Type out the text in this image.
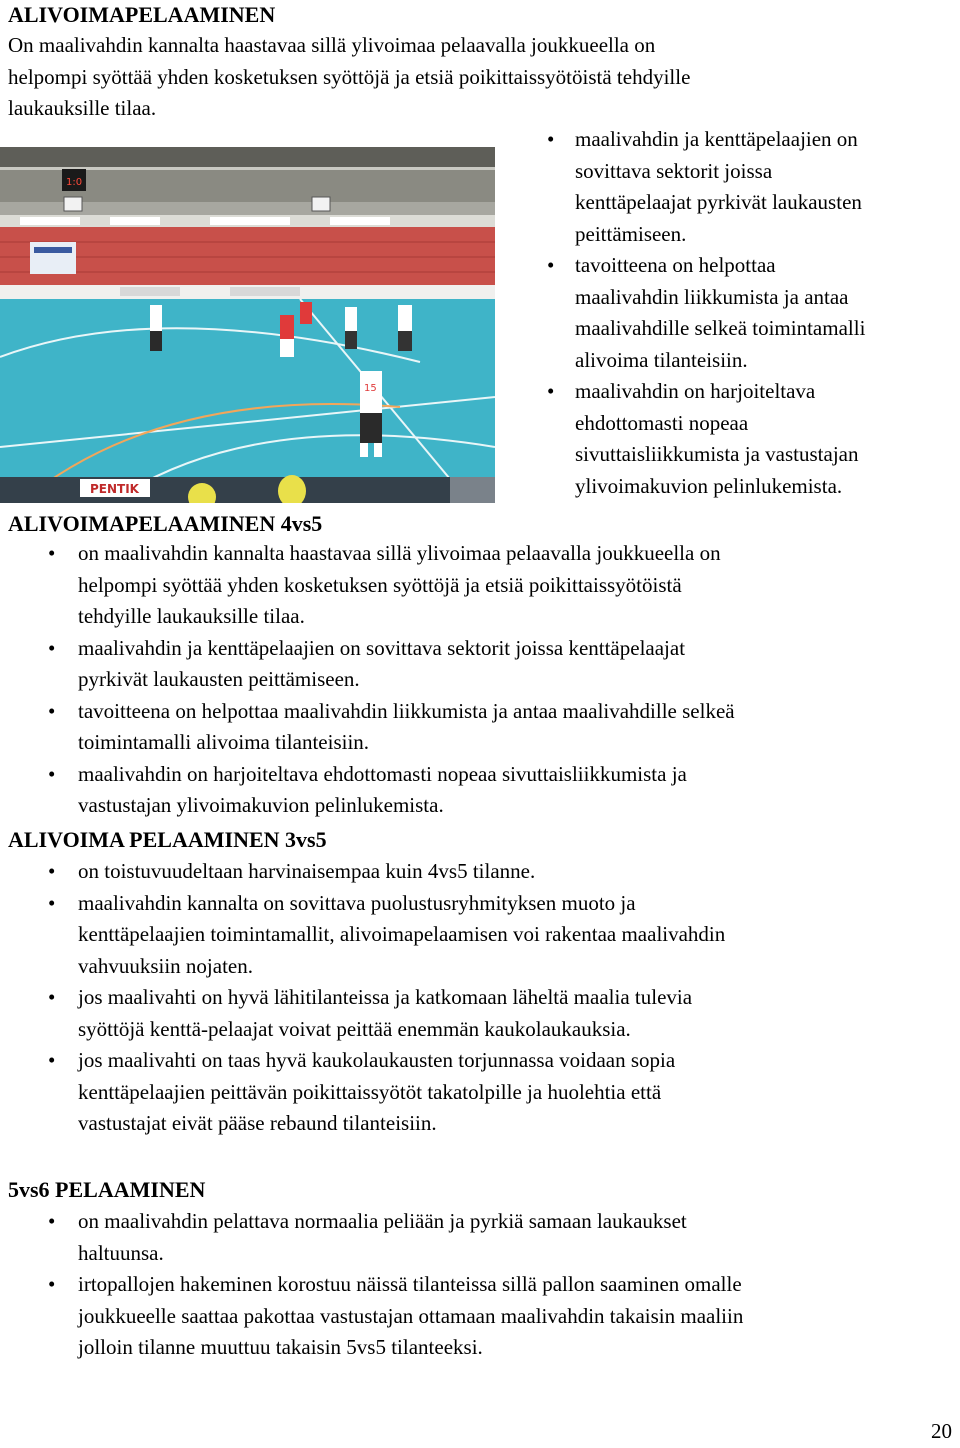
ALIVOIMAPELAAMINEN
On maalivahdin kannalta haastavaa sillä ylivoimaa pelaavalla joukkueella on
helpompi syöttää yhden kosketuksen syöttöjä ja etsiä poikittaissyötöistä tehdyille
laukauksille tilaa.
1:0
15
PENTIK
• maalivahdin ja kenttäpelaajien on
sovittava sektorit joissa
kenttäpelaajat pyrkivät laukausten
peittämiseen.
• tavoitteena on helpottaa
maalivahdin liikkumista ja antaa
maalivahdille selkeä toimintamalli
alivoima tilanteisiin.
• maalivahdin on harjoiteltava
ehdottomasti nopeaa
sivuttaisliikkumista ja vastustajan
ylivoimakuvion pelinlukemista.
ALIVOIMAPELAAMINEN 4vs5
• on maalivahdin kannalta haastavaa sillä ylivoimaa pelaavalla joukkueella on
helpompi syöttää yhden kosketuksen syöttöjä ja etsiä poikittaissyötöistä
tehdyille laukauksille tilaa.
• maalivahdin ja kenttäpelaajien on sovittava sektorit joissa kenttäpelaajat
pyrkivät laukausten peittämiseen.
• tavoitteena on helpottaa maalivahdin liikkumista ja antaa maalivahdille selkeä
toimintamalli alivoima tilanteisiin.
• maalivahdin on harjoiteltava ehdottomasti nopeaa sivuttaisliikkumista ja
vastustajan ylivoimakuvion pelinlukemista.
ALIVOIMA PELAAMINEN 3vs5
• on toistuvuudeltaan harvinaisempaa kuin 4vs5 tilanne.
• maalivahdin kannalta on sovittava puolustusryhmityksen muoto ja
kenttäpelaajien toimintamallit, alivoimapelaamisen voi rakentaa maalivahdin
vahvuuksiin nojaten.
• jos maalivahti on hyvä lähitilanteissa ja katkomaan läheltä maalia tulevia
syöttöjä kenttä-pelaajat voivat peittää enemmän kaukolaukauksia.
• jos maalivahti on taas hyvä kaukolaukausten torjunnassa voidaan sopia
kenttäpelaajien peittävän poikittaissyötöt takatolpille ja huolehtia että
vastustajat eivät pääse rebaund tilanteisiin.
5vs6 PELAAMINEN
• on maalivahdin pelattava normaalia peliään ja pyrkiä samaan laukaukset
haltuunsa.
• irtopallojen hakeminen korostuu näissä tilanteissa sillä pallon saaminen omalle
joukkueelle saattaa pakottaa vastustajan ottamaan maalivahdin takaisin maaliin
jolloin tilanne muuttuu takaisin 5vs5 tilanteeksi.
20
